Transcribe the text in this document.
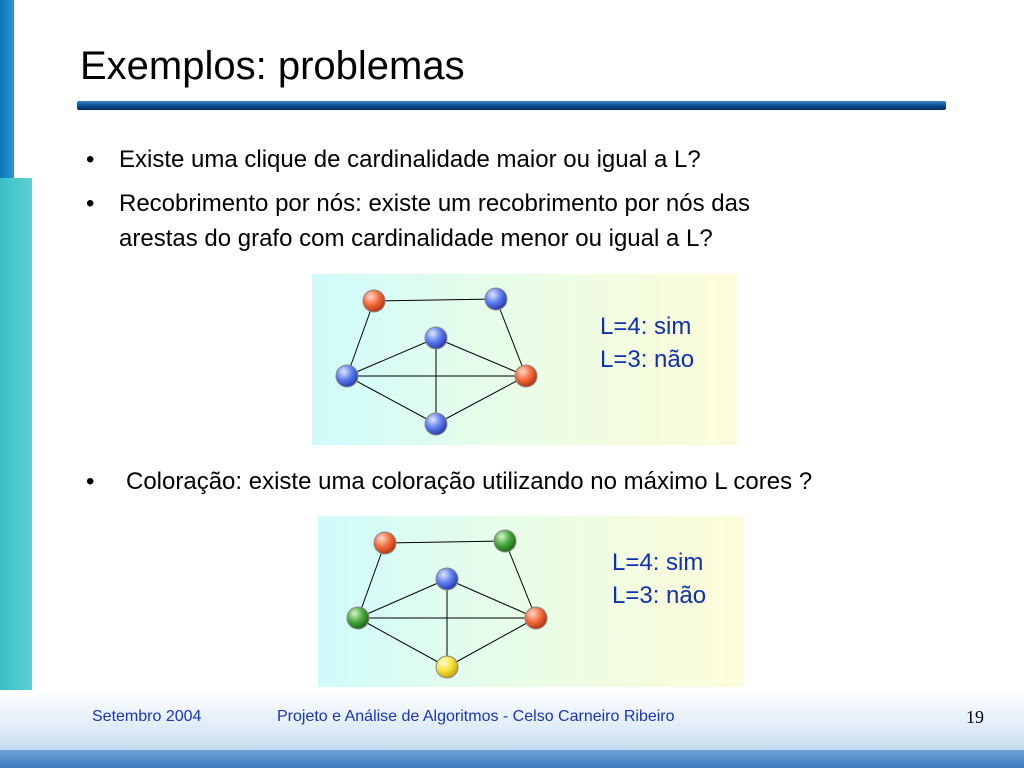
Exemplos: problemas
• Existe uma clique de cardinalidade maior ou igual a L?
• Recobrimento por nós: existe um recobrimento por nós das
arestas do grafo com cardinalidade menor ou igual a L?
L=4: sim
L=3: não
• Coloração: existe uma coloração utilizando no máximo L cores ?
L=4: sim
L=3: não
Setembro 2004	Projeto e Análise de Algoritmos - Celso Carneiro Ribeiro	19
